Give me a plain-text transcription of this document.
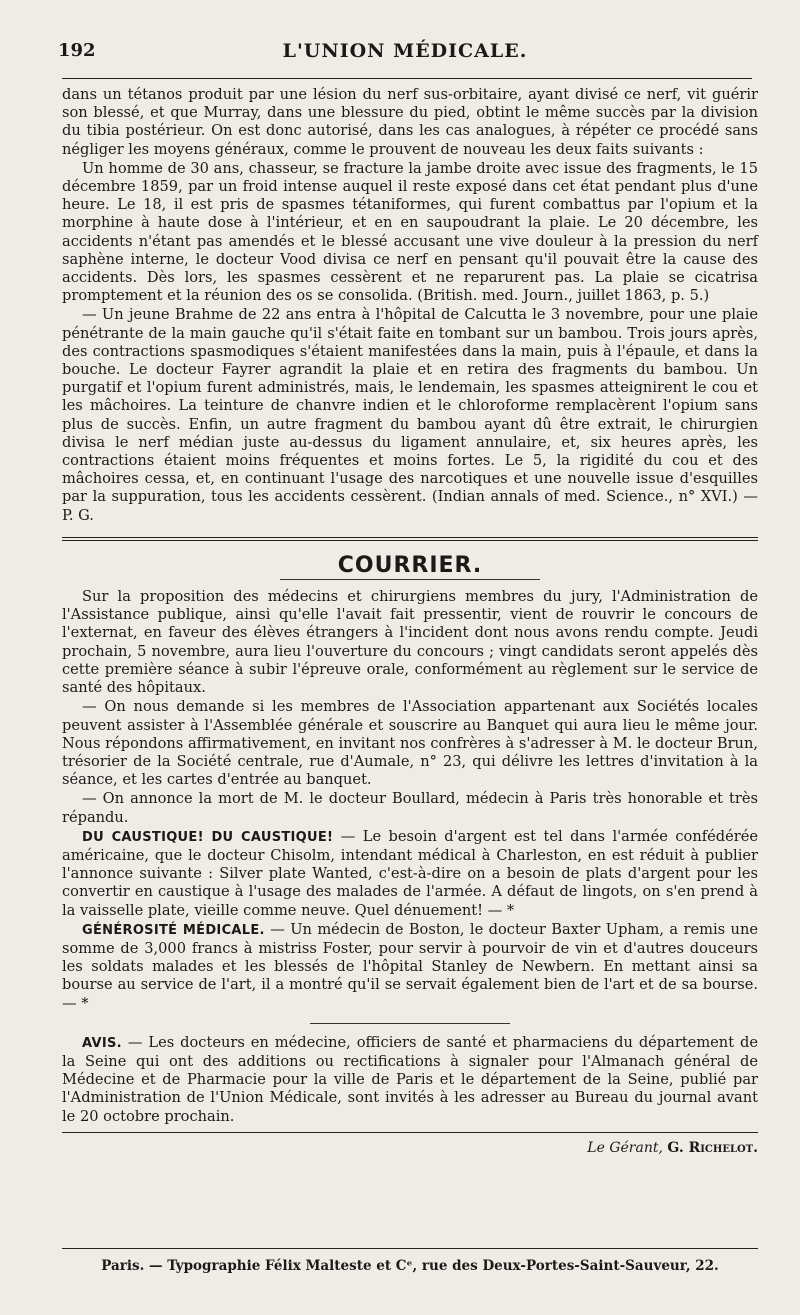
192	L'UNION MÉDICALE.

dans un tétanos produit par une lésion du nerf sus-orbitaire, ayant divisé ce nerf, vit guérir son blessé, et que Murray, dans une blessure du pied, obtint le même succès par la division du tibia postérieur. On est donc autorisé, dans les cas analogues, à répéter ce procédé sans négliger les moyens généraux, comme le prouvent de nouveau les deux faits suivants :

Un homme de 30 ans, chasseur, se fracture la jambe droite avec issue des fragments, le 15 décembre 1859, par un froid intense auquel il reste exposé dans cet état pendant plus d'une heure. Le 18, il est pris de spasmes tétaniformes, qui furent combattus par l'opium et la morphine à haute dose à l'intérieur, et en en saupoudrant la plaie. Le 20 décembre, les accidents n'étant pas amendés et le blessé accusant une vive douleur à la pression du nerf saphène interne, le docteur Vood divisa ce nerf en pensant qu'il pouvait être la cause des accidents. Dès lors, les spasmes cessèrent et ne reparurent pas. La plaie se cicatrisa promptement et la réunion des os se consolida. (British. med. Journ., juillet 1863, p. 5.)

— Un jeune Brahme de 22 ans entra à l'hôpital de Calcutta le 3 novembre, pour une plaie pénétrante de la main gauche qu'il s'était faite en tombant sur un bambou. Trois jours après, des contractions spasmodiques s'étaient manifestées dans la main, puis à l'épaule, et dans la bouche. Le docteur Fayrer agrandit la plaie et en retira des fragments du bambou. Un purgatif et l'opium furent administrés, mais, le lendemain, les spasmes atteignirent le cou et les mâchoires. La teinture de chanvre indien et le chloroforme remplacèrent l'opium sans plus de succès. Enfin, un autre fragment du bambou ayant dû être extrait, le chirurgien divisa le nerf médian juste au-dessus du ligament annulaire, et, six heures après, les contractions étaient moins fréquentes et moins fortes. Le 5, la rigidité du cou et des mâchoires cessa, et, en continuant l'usage des narcotiques et une nouvelle issue d'esquilles par la suppuration, tous les accidents cessèrent. (Indian annals of med. Science., n° XVI.) — P. G.

COURRIER.

Sur la proposition des médecins et chirurgiens membres du jury, l'Administration de l'Assistance publique, ainsi qu'elle l'avait fait pressentir, vient de rouvrir le concours de l'externat, en faveur des élèves étrangers à l'incident dont nous avons rendu compte. Jeudi prochain, 5 novembre, aura lieu l'ouverture du concours ; vingt candidats seront appelés dès cette première séance à subir l'épreuve orale, conformément au règlement sur le service de santé des hôpitaux.

— On nous demande si les membres de l'Association appartenant aux Sociétés locales peuvent assister à l'Assemblée générale et souscrire au Banquet qui aura lieu le même jour. Nous répondons affirmativement, en invitant nos confrères à s'adresser à M. le docteur Brun, trésorier de la Société centrale, rue d'Aumale, n° 23, qui délivre les lettres d'invitation à la séance, et les cartes d'entrée au banquet.

— On annonce la mort de M. le docteur Boullard, médecin à Paris très honorable et très répandu.

DU CAUSTIQUE! DU CAUSTIQUE! — Le besoin d'argent est tel dans l'armée confédérée américaine, que le docteur Chisolm, intendant médical à Charleston, en est réduit à publier l'annonce suivante : Silver plate Wanted, c'est-à-dire on a besoin de plats d'argent pour les convertir en caustique à l'usage des malades de l'armée. A défaut de lingots, on s'en prend à la vaisselle plate, vieille comme neuve. Quel dénuement! — *

GÉNÉROSITÉ MÉDICALE. — Un médecin de Boston, le docteur Baxter Upham, a remis une somme de 3,000 francs à mistriss Foster, pour servir à pourvoir de vin et d'autres douceurs les soldats malades et les blessés de l'hôpital Stanley de Newbern. En mettant ainsi sa bourse au service de l'art, il a montré qu'il se servait également bien de l'art et de sa bourse. — *

AVIS. — Les docteurs en médecine, officiers de santé et pharmaciens du département de la Seine qui ont des additions ou rectifications à signaler pour l'Almanach général de Médecine et de Pharmacie pour la ville de Paris et le département de la Seine, publié par l'Administration de l'Union Médicale, sont invités à les adresser au Bureau du journal avant le 20 octobre prochain.

Le Gérant, G. Richelot.
Paris. — Typographie Félix Malteste et Cᵉ, rue des Deux-Portes-Saint-Sauveur, 22.
